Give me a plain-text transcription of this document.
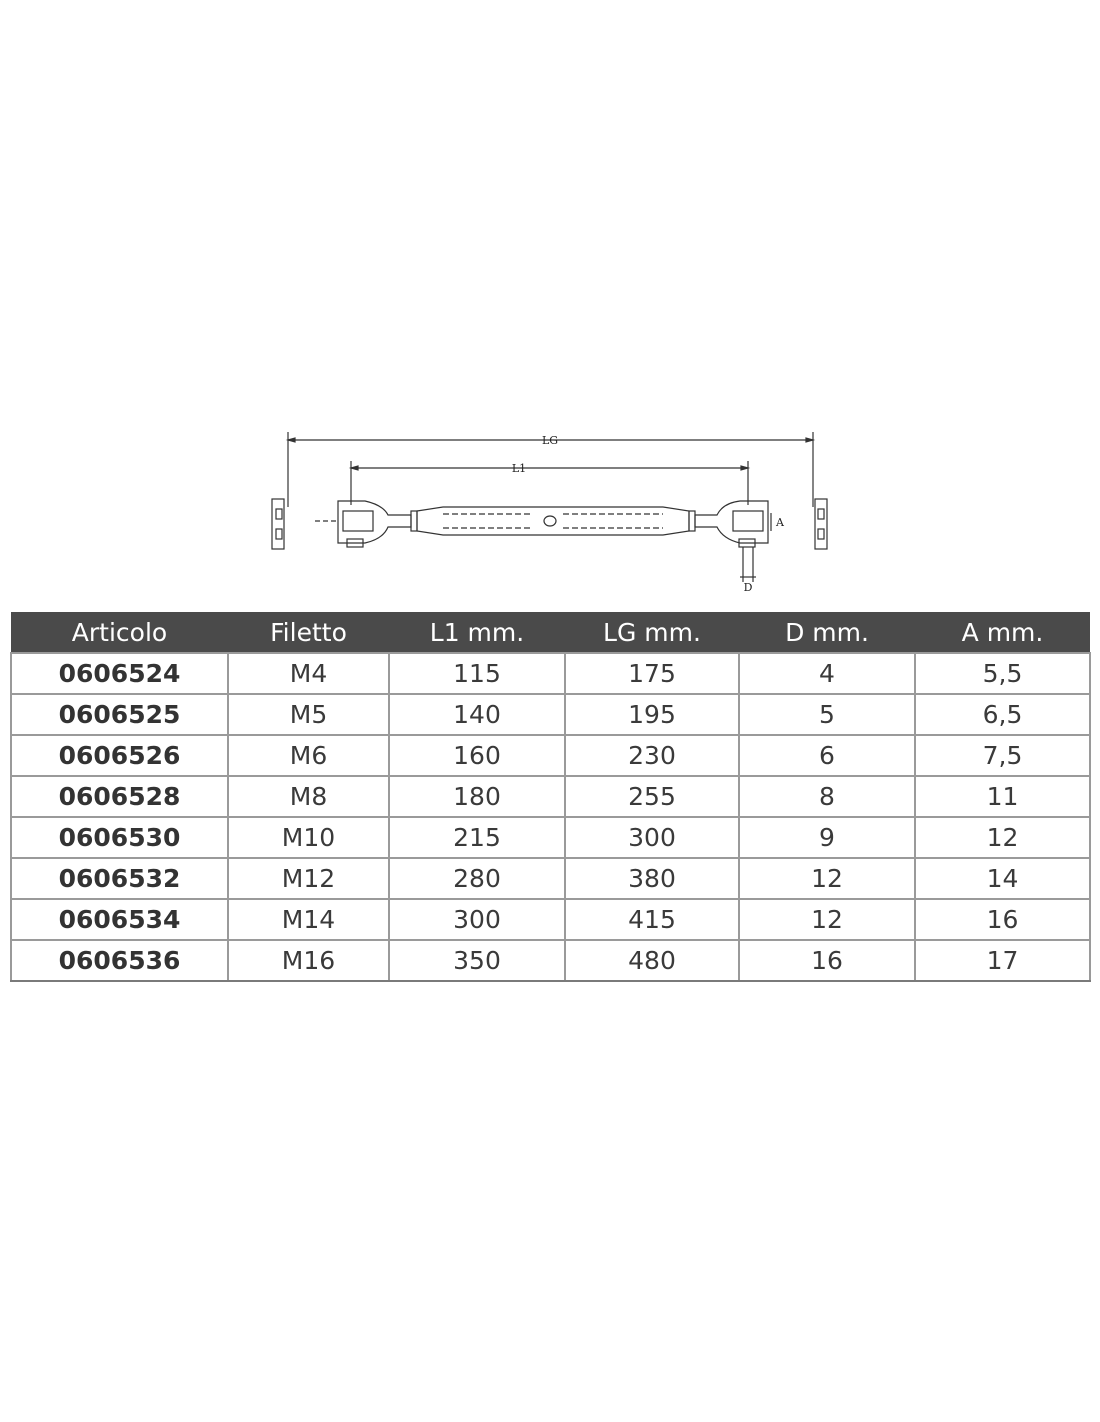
LG
L1
A
D
Articolo	Filetto	L1 mm.	LG mm.	D mm.	A mm.
0606524	M4	115	175	4	5,5
0606525	M5	140	195	5	6,5
0606526	M6	160	230	6	7,5
0606528	M8	180	255	8	11
0606530	M10	215	300	9	12
0606532	M12	280	380	12	14
0606534	M14	300	415	12	16
0606536	M16	350	480	16	17
